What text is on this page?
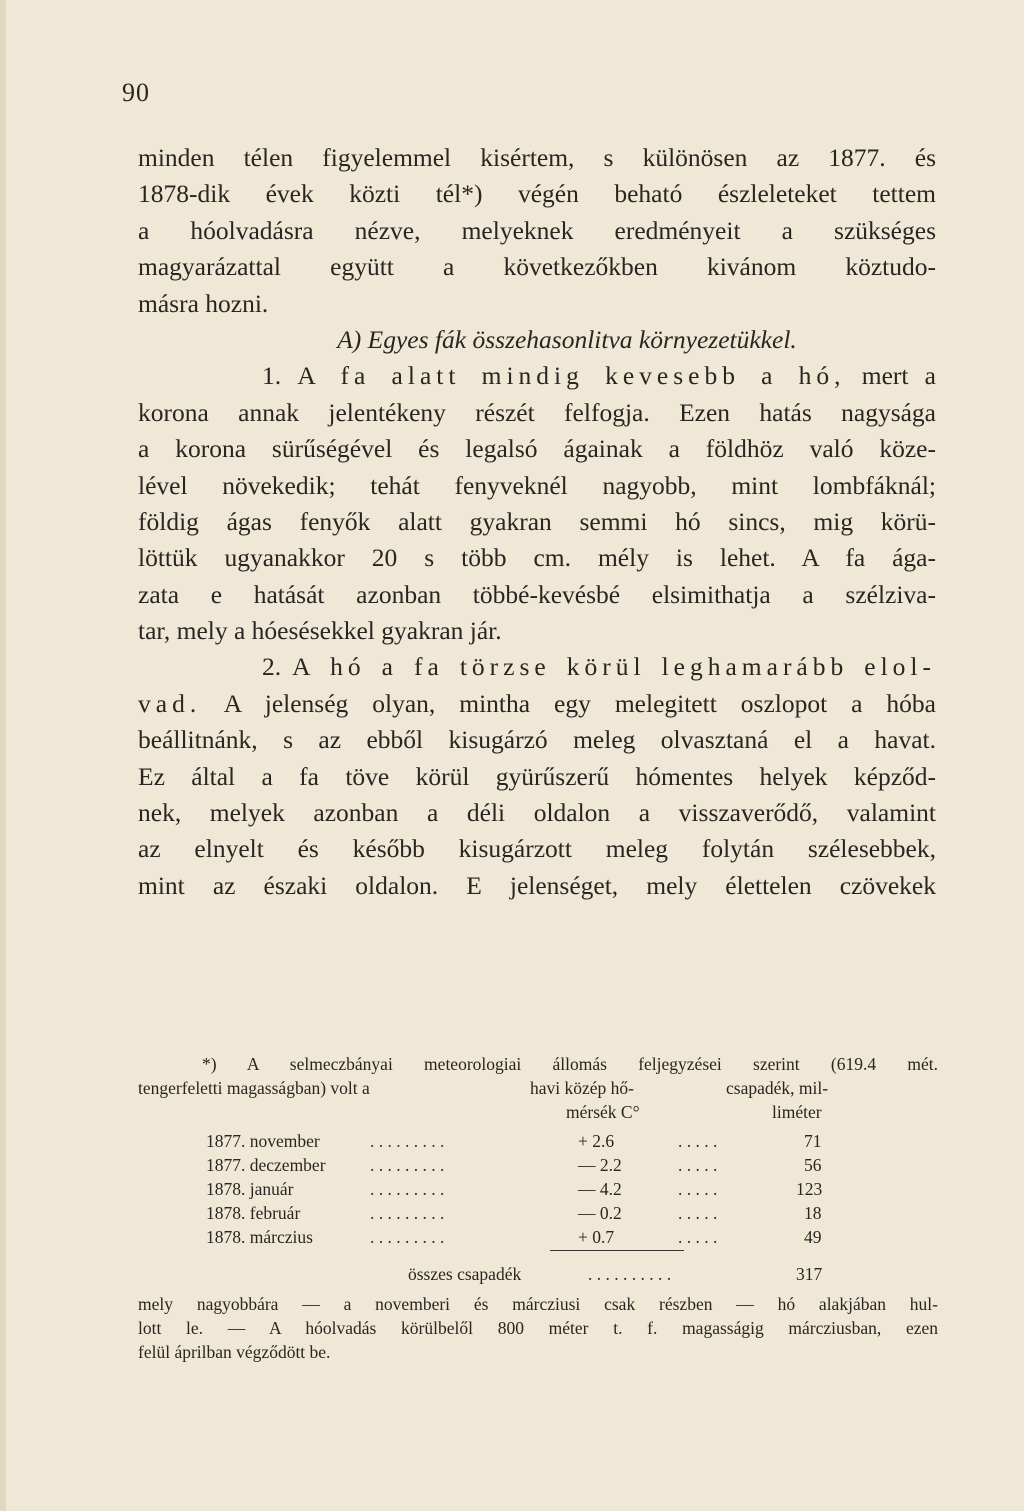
90
minden télen figyelemmel kisértem, s különösen az 1877. és
1878-dik évek közti tél*) végén beható észleleteket tettem
a hóolvadásra nézve, melyeknek eredményeit a szükséges
magyarázattal együtt a következőkben kivánom köztudo-
másra hozni.
A) Egyes fák összehasonlitva környezetükkel.
1. A fa alatt mindig kevesebb a hó, mert a
korona annak jelentékeny részét felfogja. Ezen hatás nagysága
a korona sürűségével és legalsó ágainak a földhöz való köze-
lével növekedik; tehát fenyveknél nagyobb, mint lombfáknál;
földig ágas fenyők alatt gyakran semmi hó sincs, mig körü-
löttük ugyanakkor 20 s több cm. mély is lehet. A fa ága-
zata e hatását azonban többé-kevésbé elsimithatja a szélziva-
tar, mely a hóesésekkel gyakran jár.
2. A hó a fa törzse körül leghamarább elol-
vad. A jelenség olyan, mintha egy melegitett oszlopot a hóba
beállitnánk, s az ebből kisugárzó meleg olvasztaná el a havat.
Ez által a fa töve körül gyürűszerű hómentes helyek képződ-
nek, melyek azonban a déli oldalon a visszaverődő, valamint
az elnyelt és később kisugárzott meleg folytán szélesebbek,
mint az északi oldalon. E jelenséget, mely élettelen czövekek
*) A selmeczbányai meteorologiai állomás feljegyzései szerint (619.4 mét.
tengerfeletti magasságban) volt a	havi közép hő-	csapadék, mil-
mérsék C°	liméter
1877. november	. . . . . . . . .	+ 2.6	. . . . .	71
1877. deczember	. . . . . . . . .	— 2.2	. . . . .	56
1878. január	. . . . . . . . .	— 4.2	. . . . .	123
1878. február	. . . . . . . . .	— 0.2	. . . . .	18
1878. márczius	. . . . . . . . .	+ 0.7	. . . . .	49
összes csapadék	. . . . . . . . . .	317
mely nagyobbára — a novemberi és márcziusi csak részben — hó alakjában hul-
lott le. — A hóolvadás körülbelől 800 méter t. f. magasságig márcziusban, ezen
felül áprilban végződött be.
